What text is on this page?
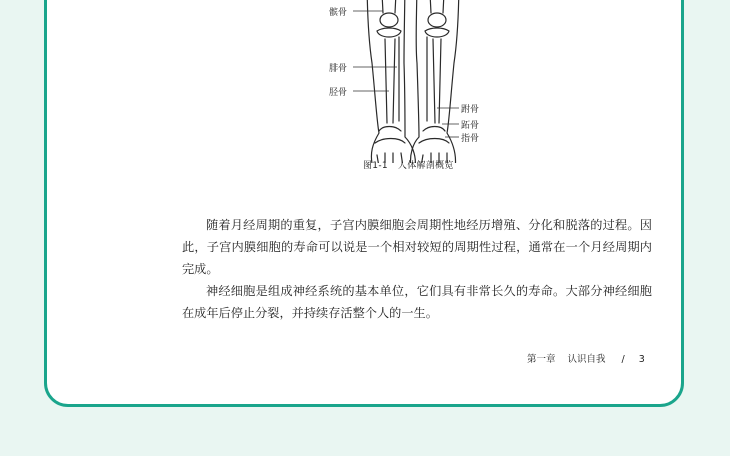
髌骨
腓骨
胫骨
跗骨
跖骨
指骨
图1-1 人体解剖概览

随着月经周期的重复，子宫内膜细胞会周期性地经历增殖、分化和脱落的过程。因此，子宫内膜细胞的寿命可以说是一个相对较短的周期性过程，通常在一个月经周期内完成。

神经细胞是组成神经系统的基本单位，它们具有非常长久的寿命。大部分神经细胞在成年后停止分裂，并持续存活整个人的一生。

第一章 认识自我 / 3
